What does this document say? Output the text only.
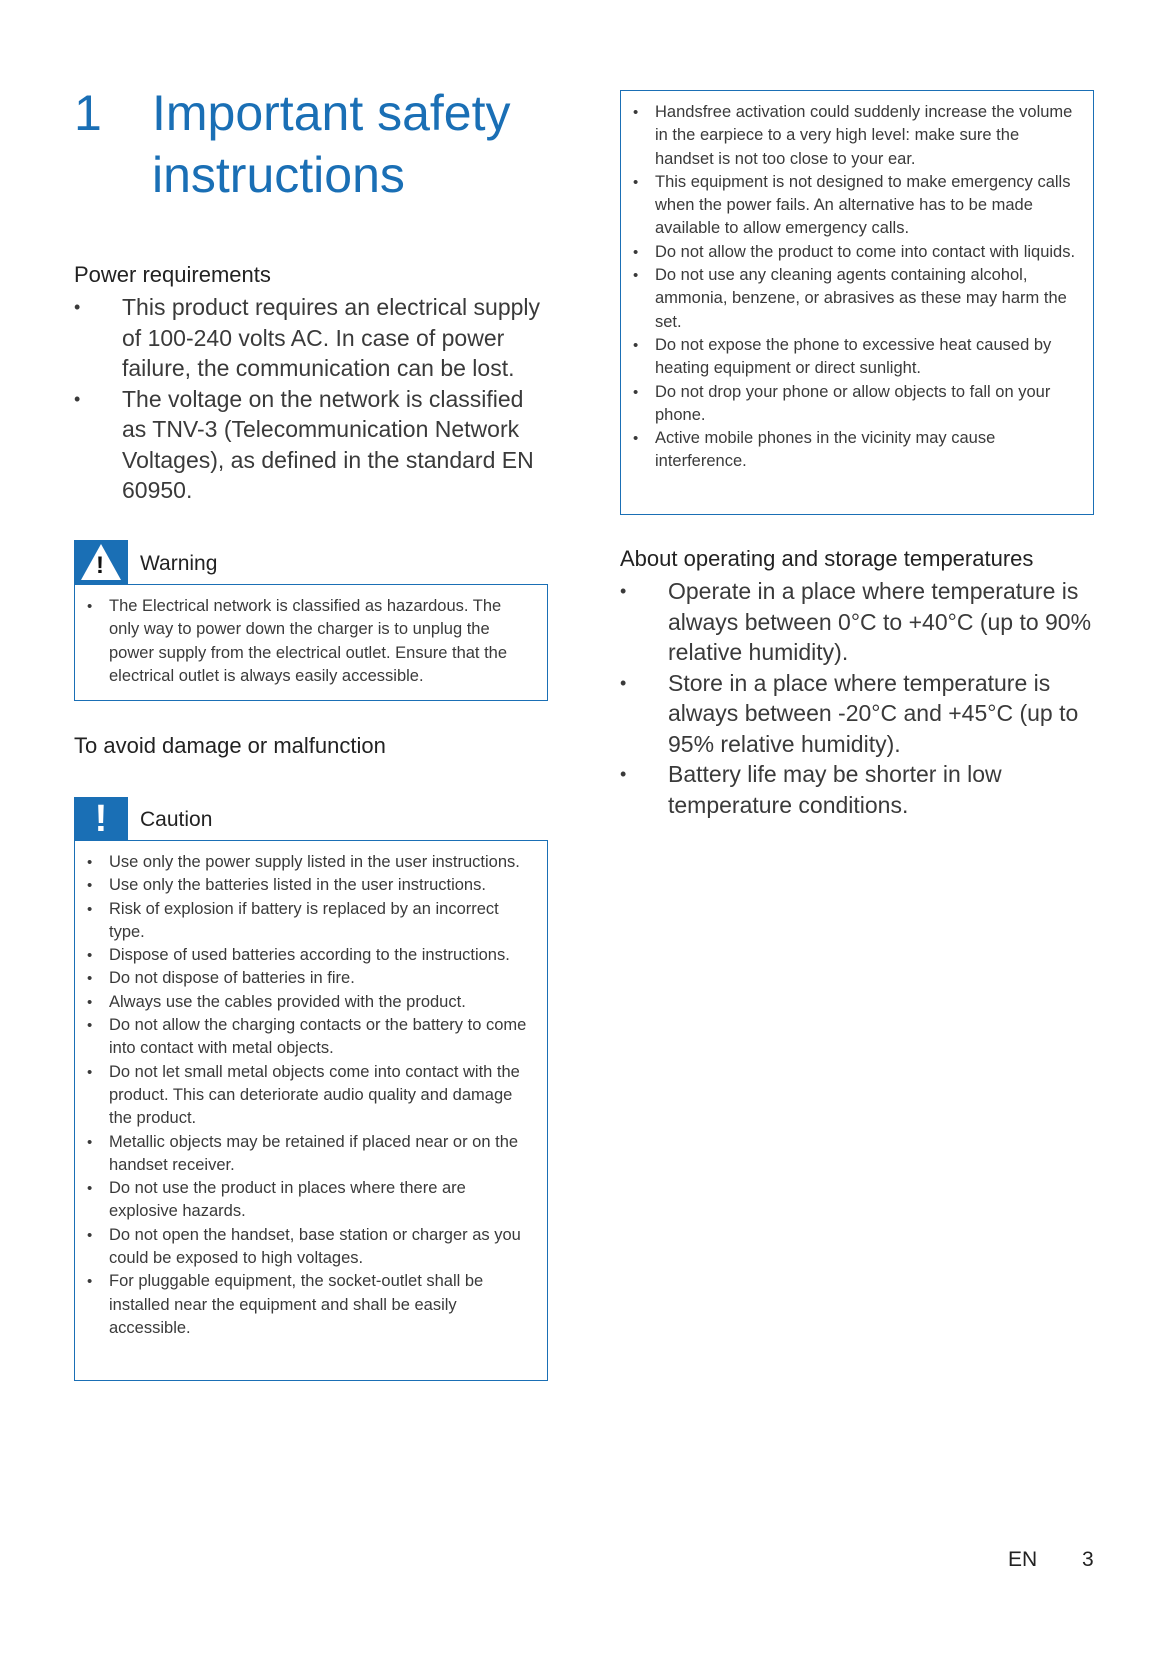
1 Important safety instructions
Power requirements
• This product requires an electrical supply of 100-240 volts AC. In case of power failure, the communication can be lost.
• The voltage on the network is classified as TNV-3 (Telecommunication Network Voltages), as defined in the standard EN 60950.
! Warning
• The Electrical network is classified as hazardous. The only way to power down the charger is to unplug the power supply from the electrical outlet. Ensure that the electrical outlet is always easily accessible.
To avoid damage or malfunction
!	Caution
• Use only the power supply listed in the user instructions.
• Use only the batteries listed in the user instructions.
• Risk of explosion if battery is replaced by an incorrect type.
• Dispose of used batteries according to the instructions.
• Do not dispose of batteries in fire.
• Always use the cables provided with the product.
• Do not allow the charging contacts or the battery to come into contact with metal objects.
• Do not let small metal objects come into contact with the product. This can deteriorate audio quality and damage the product.
• Metallic objects may be retained if placed near or on the handset receiver.
• Do not use the product in places where there are explosive hazards.
• Do not open the handset, base station or charger as you could be exposed to high voltages.
• For pluggable equipment, the socket-outlet shall be installed near the equipment and shall be easily accessible.
• Handsfree activation could suddenly increase the volume in the earpiece to a very high level: make sure the handset is not too close to your ear.
• This equipment is not designed to make emergency calls when the power fails. An alternative has to be made available to allow emergency calls.
• Do not allow the product to come into contact with liquids.
• Do not use any cleaning agents containing alcohol, ammonia, benzene, or abrasives as these may harm the set.
• Do not expose the phone to excessive heat caused by heating equipment or direct sunlight.
• Do not drop your phone or allow objects to fall on your phone.
• Active mobile phones in the vicinity may cause interference.
About operating and storage temperatures
• Operate in a place where temperature is always between 0°C to +40°C (up to 90% relative humidity).
• Store in a place where temperature is always between -20°C and +45°C (up to 95% relative humidity).
• Battery life may be shorter in low temperature conditions.
EN 3
